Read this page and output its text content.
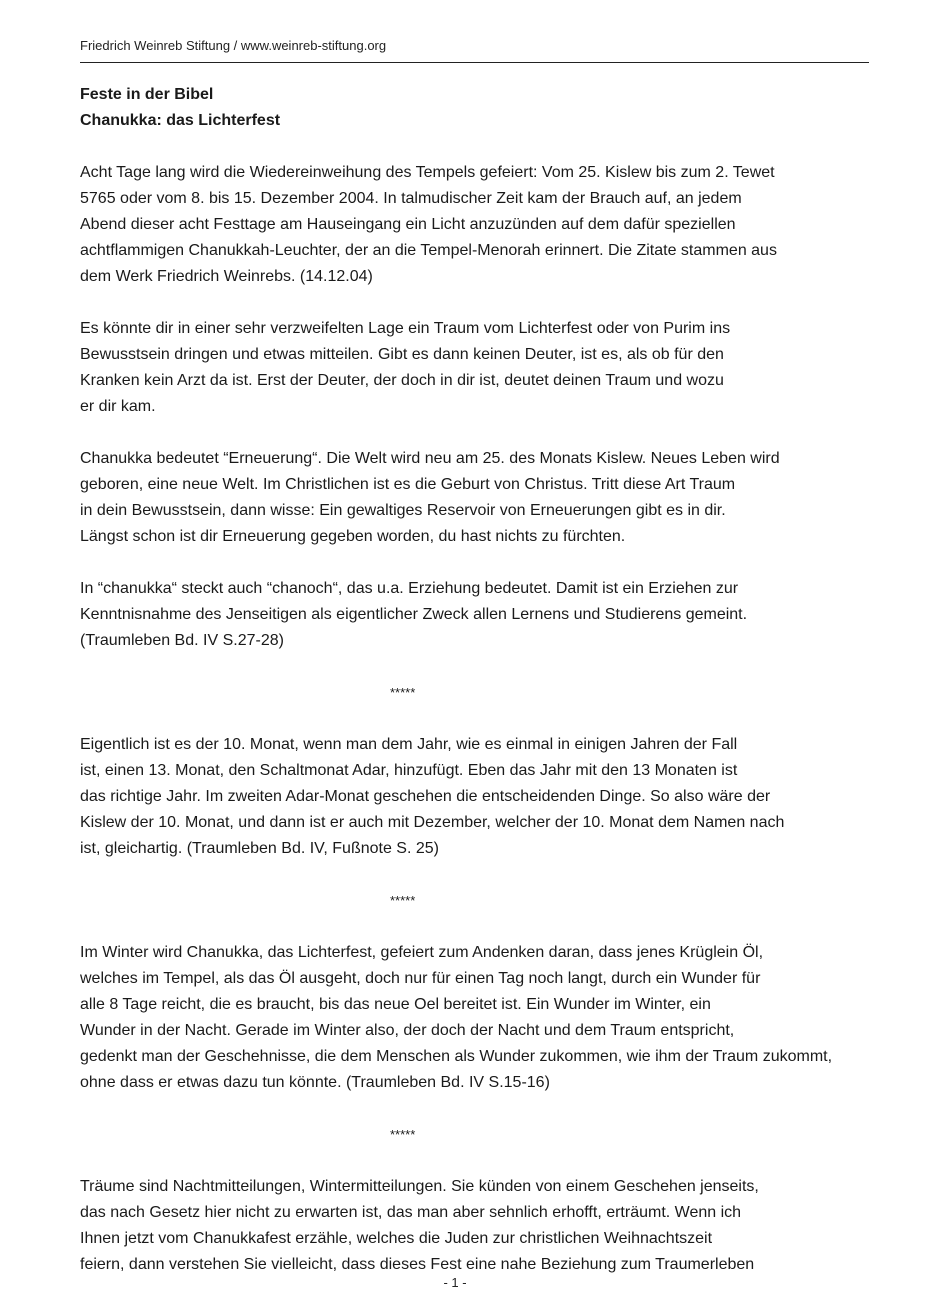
Friedrich Weinreb Stiftung / www.weinreb-stiftung.org

Feste in der Bibel

Chanukka: das Lichterfest

Acht Tage lang wird die Wiedereinweihung des Tempels gefeiert: Vom 25. Kislew bis zum 2. Tewet
5765 oder vom 8. bis 15. Dezember 2004. In talmudischer Zeit kam der Brauch auf, an jedem
Abend dieser acht Festtage am Hauseingang ein Licht anzuzünden auf dem dafür speziellen
achtflammigen Chanukkah-Leuchter, der an die Tempel-Menorah erinnert. Die Zitate stammen aus
dem Werk Friedrich Weinrebs. (14.12.04)

Es könnte dir in einer sehr verzweifelten Lage ein Traum vom Lichterfest oder von Purim ins
Bewusstsein dringen und etwas mitteilen. Gibt es dann keinen Deuter, ist es, als ob für den
Kranken kein Arzt da ist. Erst der Deuter, der doch in dir ist, deutet deinen Traum und wozu
er dir kam.

Chanukka bedeutet “Erneuerung“. Die Welt wird neu am 25. des Monats Kislew. Neues Leben wird
geboren, eine neue Welt. Im Christlichen ist es die Geburt von Christus. Tritt diese Art Traum
in dein Bewusstsein, dann wisse: Ein gewaltiges Reservoir von Erneuerungen gibt es in dir.
Längst schon ist dir Erneuerung gegeben worden, du hast nichts zu fürchten.

In “chanukka“ steckt auch “chanoch“, das u.a. Erziehung bedeutet. Damit ist ein Erziehen zur
Kenntnisnahme des Jenseitigen als eigentlicher Zweck allen Lernens und Studierens gemeint.
(Traumleben Bd. IV S.27-28)

*****

Eigentlich ist es der 10. Monat, wenn man dem Jahr, wie es einmal in einigen Jahren der Fall
ist, einen 13. Monat, den Schaltmonat Adar, hinzufügt. Eben das Jahr mit den 13 Monaten ist
das richtige Jahr. Im zweiten Adar-Monat geschehen die entscheidenden Dinge. So also wäre der
Kislew der 10. Monat, und dann ist er auch mit Dezember, welcher der 10. Monat dem Namen nach
ist, gleichartig. (Traumleben Bd. IV, Fußnote S. 25)

*****

Im Winter wird Chanukka, das Lichterfest, gefeiert zum Andenken daran, dass jenes Krüglein Öl,
welches im Tempel, als das Öl ausgeht, doch nur für einen Tag noch langt, durch ein Wunder für
alle 8 Tage reicht, die es braucht, bis das neue Oel bereitet ist. Ein Wunder im Winter, ein
Wunder in der Nacht. Gerade im Winter also, der doch der Nacht und dem Traum entspricht,
gedenkt man der Geschehnisse, die dem Menschen als Wunder zukommen, wie ihm der Traum zukommt,
ohne dass er etwas dazu tun könnte. (Traumleben Bd. IV S.15-16)

*****

Träume sind Nachtmitteilungen, Wintermitteilungen. Sie künden von einem Geschehen jenseits,
das nach Gesetz hier nicht zu erwarten ist, das man aber sehnlich erhofft, erträumt. Wenn ich
Ihnen jetzt vom Chanukkafest erzähle, welches die Juden zur christlichen Weihnachtszeit
feiern, dann verstehen Sie vielleicht, dass dieses Fest eine nahe Beziehung zum Traumerleben

- 1 -
